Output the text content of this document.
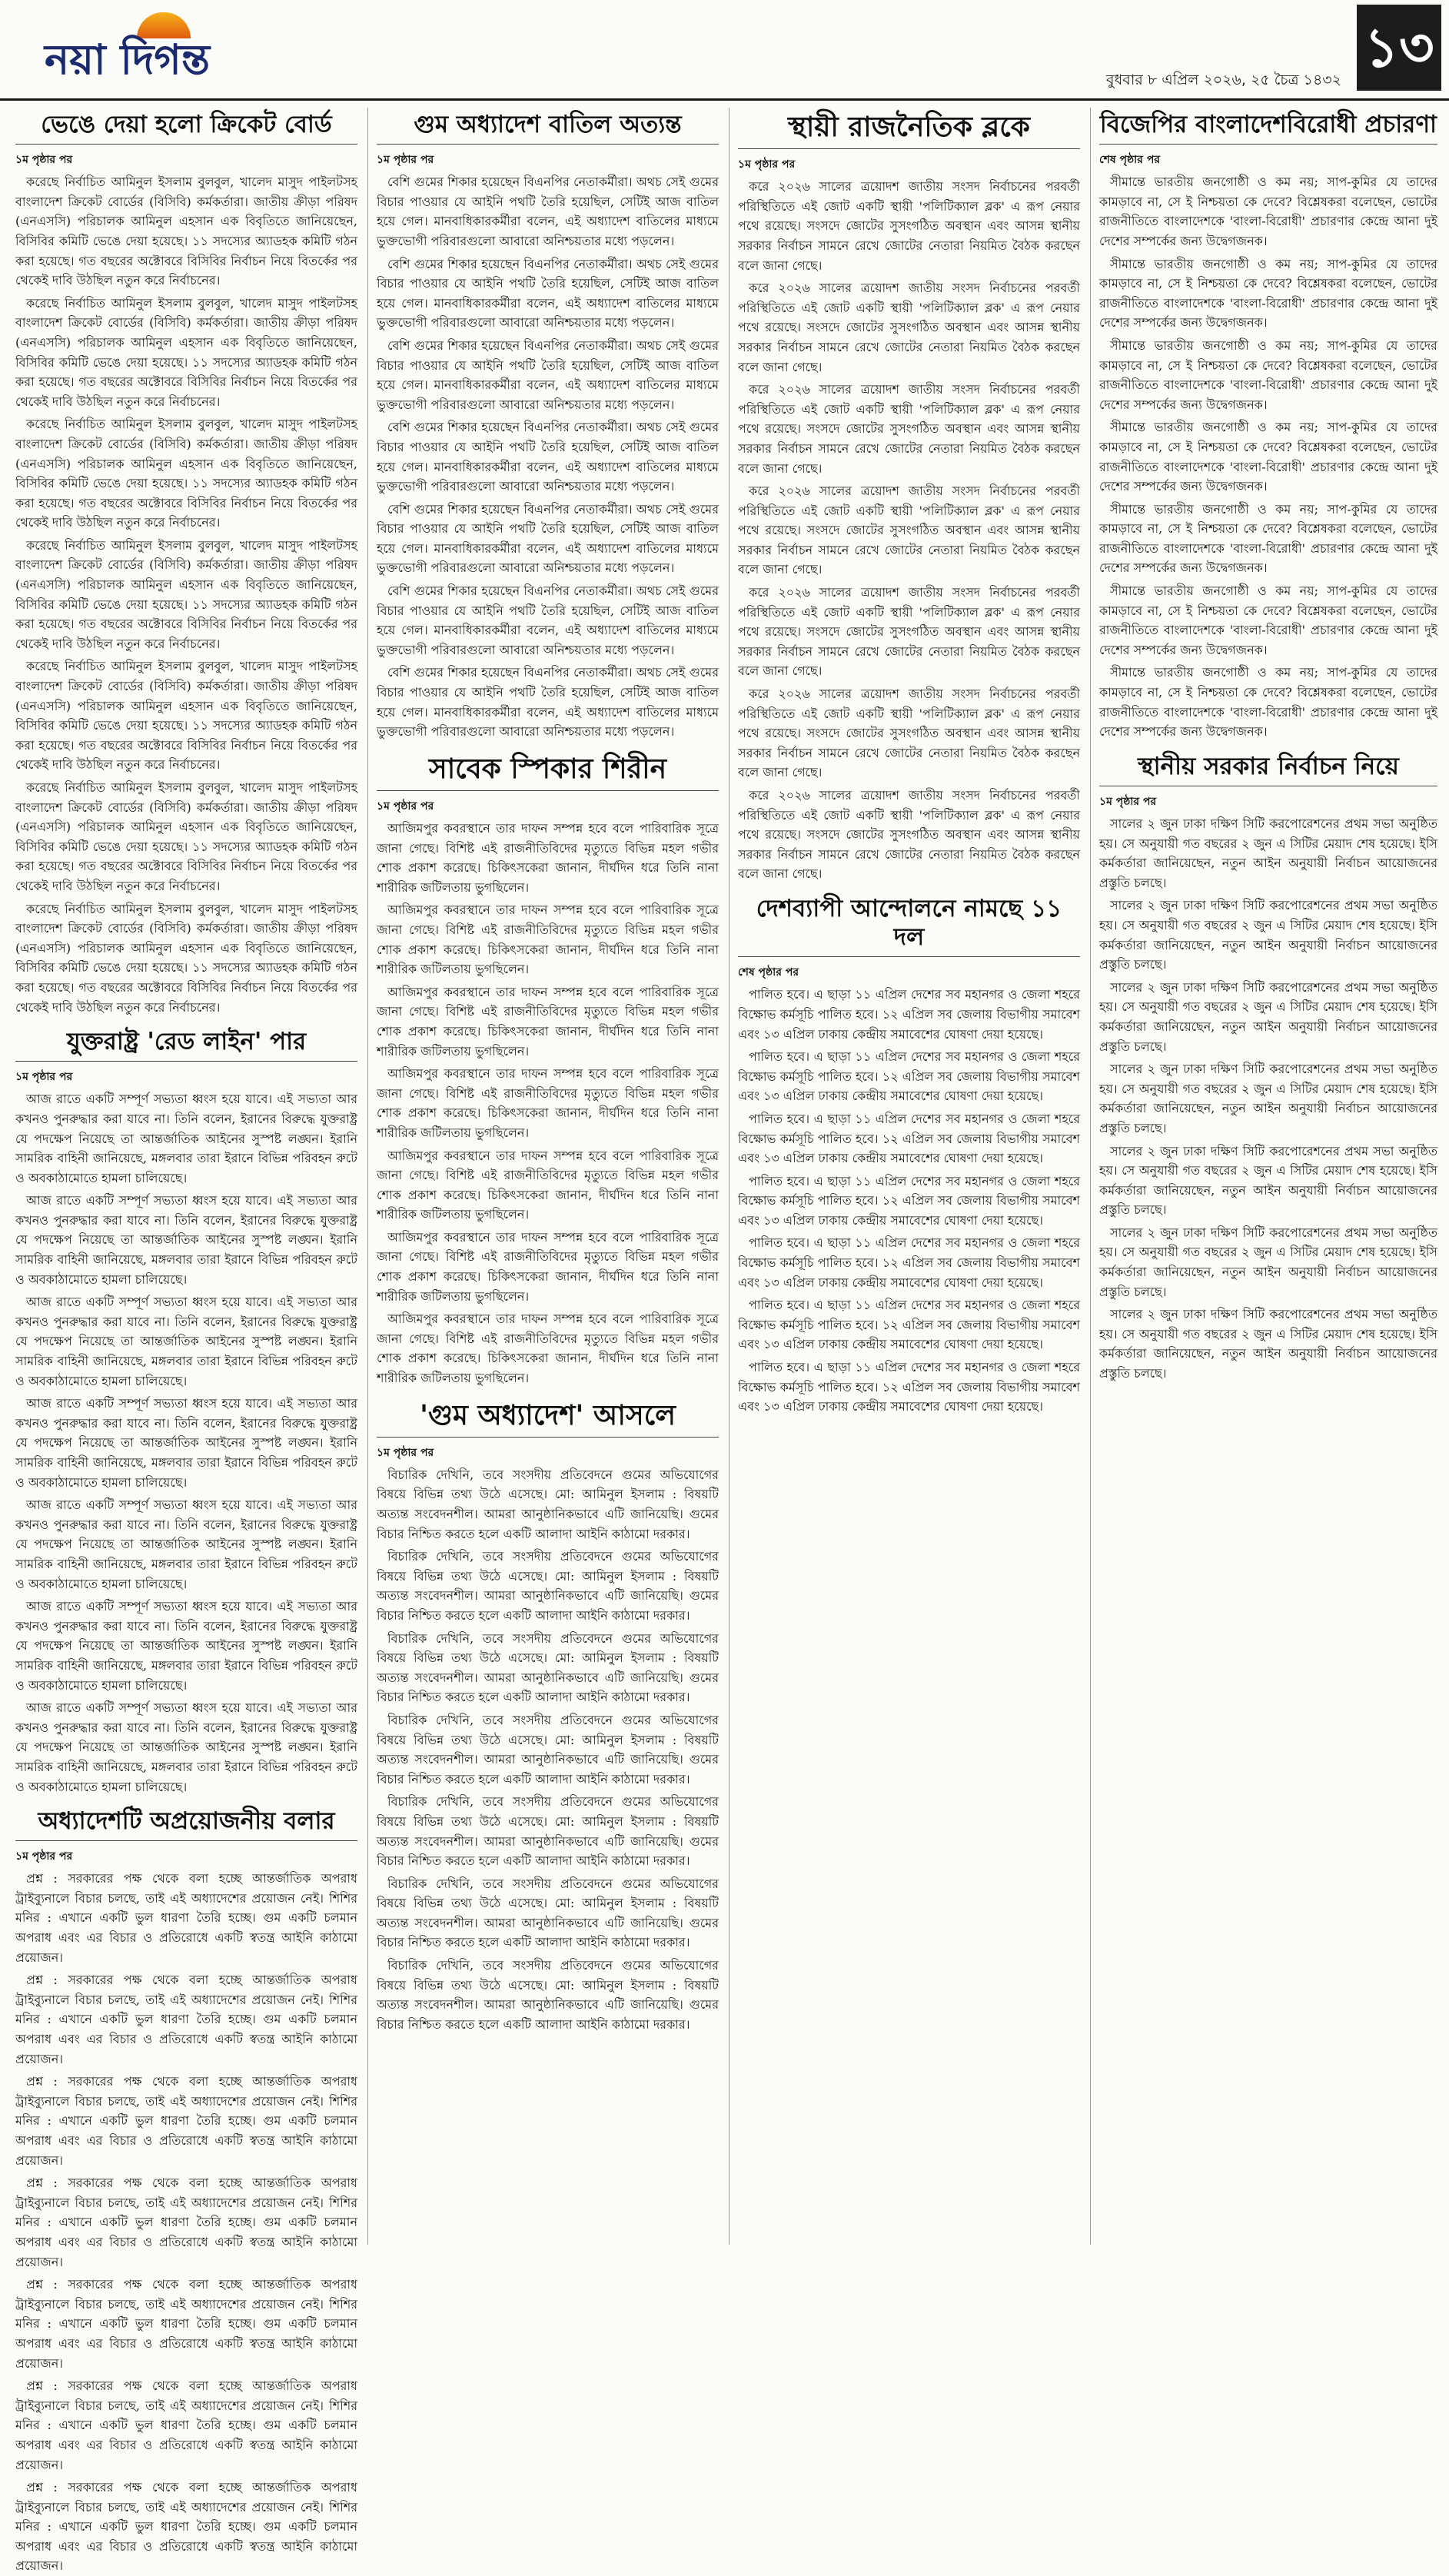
নয়া দিগন্ত	বুধবার ৮ এপ্রিল ২০২৬, ২৫ চৈত্র ১৪৩২
১৩
ভেঙে দেয়া হলো ক্রিকেট বোর্ড
১ম পৃষ্ঠার পর

করেছে নির্বাচিত আমিনুল ইসলাম বুলবুল, খালেদ মাসুদ পাইলটসহ বাংলাদেশ ক্রিকেট বোর্ডের (বিসিবি) কর্মকর্তারা। জাতীয় ক্রীড়া পরিষদ (এনএসসি) পরিচালক আমিনুল এহসান এক বিবৃতিতে জানিয়েছেন, বিসিবির কমিটি ভেঙে দেয়া হয়েছে। ১১ সদস্যের অ্যাডহক কমিটি গঠন করা হয়েছে। গত বছরের অক্টোবরে বিসিবির নির্বাচন নিয়ে বিতর্কের পর থেকেই দাবি উঠছিল নতুন করে নির্বাচনের।

করেছে নির্বাচিত আমিনুল ইসলাম বুলবুল, খালেদ মাসুদ পাইলটসহ বাংলাদেশ ক্রিকেট বোর্ডের (বিসিবি) কর্মকর্তারা। জাতীয় ক্রীড়া পরিষদ (এনএসসি) পরিচালক আমিনুল এহসান এক বিবৃতিতে জানিয়েছেন, বিসিবির কমিটি ভেঙে দেয়া হয়েছে। ১১ সদস্যের অ্যাডহক কমিটি গঠন করা হয়েছে। গত বছরের অক্টোবরে বিসিবির নির্বাচন নিয়ে বিতর্কের পর থেকেই দাবি উঠছিল নতুন করে নির্বাচনের।

করেছে নির্বাচিত আমিনুল ইসলাম বুলবুল, খালেদ মাসুদ পাইলটসহ বাংলাদেশ ক্রিকেট বোর্ডের (বিসিবি) কর্মকর্তারা। জাতীয় ক্রীড়া পরিষদ (এনএসসি) পরিচালক আমিনুল এহসান এক বিবৃতিতে জানিয়েছেন, বিসিবির কমিটি ভেঙে দেয়া হয়েছে। ১১ সদস্যের অ্যাডহক কমিটি গঠন করা হয়েছে। গত বছরের অক্টোবরে বিসিবির নির্বাচন নিয়ে বিতর্কের পর থেকেই দাবি উঠছিল নতুন করে নির্বাচনের।

করেছে নির্বাচিত আমিনুল ইসলাম বুলবুল, খালেদ মাসুদ পাইলটসহ বাংলাদেশ ক্রিকেট বোর্ডের (বিসিবি) কর্মকর্তারা। জাতীয় ক্রীড়া পরিষদ (এনএসসি) পরিচালক আমিনুল এহসান এক বিবৃতিতে জানিয়েছেন, বিসিবির কমিটি ভেঙে দেয়া হয়েছে। ১১ সদস্যের অ্যাডহক কমিটি গঠন করা হয়েছে। গত বছরের অক্টোবরে বিসিবির নির্বাচন নিয়ে বিতর্কের পর থেকেই দাবি উঠছিল নতুন করে নির্বাচনের।

করেছে নির্বাচিত আমিনুল ইসলাম বুলবুল, খালেদ মাসুদ পাইলটসহ বাংলাদেশ ক্রিকেট বোর্ডের (বিসিবি) কর্মকর্তারা। জাতীয় ক্রীড়া পরিষদ (এনএসসি) পরিচালক আমিনুল এহসান এক বিবৃতিতে জানিয়েছেন, বিসিবির কমিটি ভেঙে দেয়া হয়েছে। ১১ সদস্যের অ্যাডহক কমিটি গঠন করা হয়েছে। গত বছরের অক্টোবরে বিসিবির নির্বাচন নিয়ে বিতর্কের পর থেকেই দাবি উঠছিল নতুন করে নির্বাচনের।

করেছে নির্বাচিত আমিনুল ইসলাম বুলবুল, খালেদ মাসুদ পাইলটসহ বাংলাদেশ ক্রিকেট বোর্ডের (বিসিবি) কর্মকর্তারা। জাতীয় ক্রীড়া পরিষদ (এনএসসি) পরিচালক আমিনুল এহসান এক বিবৃতিতে জানিয়েছেন, বিসিবির কমিটি ভেঙে দেয়া হয়েছে। ১১ সদস্যের অ্যাডহক কমিটি গঠন করা হয়েছে। গত বছরের অক্টোবরে বিসিবির নির্বাচন নিয়ে বিতর্কের পর থেকেই দাবি উঠছিল নতুন করে নির্বাচনের।

করেছে নির্বাচিত আমিনুল ইসলাম বুলবুল, খালেদ মাসুদ পাইলটসহ বাংলাদেশ ক্রিকেট বোর্ডের (বিসিবি) কর্মকর্তারা। জাতীয় ক্রীড়া পরিষদ (এনএসসি) পরিচালক আমিনুল এহসান এক বিবৃতিতে জানিয়েছেন, বিসিবির কমিটি ভেঙে দেয়া হয়েছে। ১১ সদস্যের অ্যাডহক কমিটি গঠন করা হয়েছে। গত বছরের অক্টোবরে বিসিবির নির্বাচন নিয়ে বিতর্কের পর থেকেই দাবি উঠছিল নতুন করে নির্বাচনের।

যুক্তরাষ্ট্র 'রেড লাইন' পার
১ম পৃষ্ঠার পর

আজ রাতে একটি সম্পূর্ণ সভ্যতা ধ্বংস হয়ে যাবে। এই সভ্যতা আর কখনও পুনরুদ্ধার করা যাবে না। তিনি বলেন, ইরানের বিরুদ্ধে যুক্তরাষ্ট্র যে পদক্ষেপ নিয়েছে তা আন্তর্জাতিক আইনের সুস্পষ্ট লঙ্ঘন। ইরানি সামরিক বাহিনী জানিয়েছে, মঙ্গলবার তারা ইরানে বিভিন্ন পরিবহন রুটে ও অবকাঠামোতে হামলা চালিয়েছে।

আজ রাতে একটি সম্পূর্ণ সভ্যতা ধ্বংস হয়ে যাবে। এই সভ্যতা আর কখনও পুনরুদ্ধার করা যাবে না। তিনি বলেন, ইরানের বিরুদ্ধে যুক্তরাষ্ট্র যে পদক্ষেপ নিয়েছে তা আন্তর্জাতিক আইনের সুস্পষ্ট লঙ্ঘন। ইরানি সামরিক বাহিনী জানিয়েছে, মঙ্গলবার তারা ইরানে বিভিন্ন পরিবহন রুটে ও অবকাঠামোতে হামলা চালিয়েছে।

আজ রাতে একটি সম্পূর্ণ সভ্যতা ধ্বংস হয়ে যাবে। এই সভ্যতা আর কখনও পুনরুদ্ধার করা যাবে না। তিনি বলেন, ইরানের বিরুদ্ধে যুক্তরাষ্ট্র যে পদক্ষেপ নিয়েছে তা আন্তর্জাতিক আইনের সুস্পষ্ট লঙ্ঘন। ইরানি সামরিক বাহিনী জানিয়েছে, মঙ্গলবার তারা ইরানে বিভিন্ন পরিবহন রুটে ও অবকাঠামোতে হামলা চালিয়েছে।

আজ রাতে একটি সম্পূর্ণ সভ্যতা ধ্বংস হয়ে যাবে। এই সভ্যতা আর কখনও পুনরুদ্ধার করা যাবে না। তিনি বলেন, ইরানের বিরুদ্ধে যুক্তরাষ্ট্র যে পদক্ষেপ নিয়েছে তা আন্তর্জাতিক আইনের সুস্পষ্ট লঙ্ঘন। ইরানি সামরিক বাহিনী জানিয়েছে, মঙ্গলবার তারা ইরানে বিভিন্ন পরিবহন রুটে ও অবকাঠামোতে হামলা চালিয়েছে।

আজ রাতে একটি সম্পূর্ণ সভ্যতা ধ্বংস হয়ে যাবে। এই সভ্যতা আর কখনও পুনরুদ্ধার করা যাবে না। তিনি বলেন, ইরানের বিরুদ্ধে যুক্তরাষ্ট্র যে পদক্ষেপ নিয়েছে তা আন্তর্জাতিক আইনের সুস্পষ্ট লঙ্ঘন। ইরানি সামরিক বাহিনী জানিয়েছে, মঙ্গলবার তারা ইরানে বিভিন্ন পরিবহন রুটে ও অবকাঠামোতে হামলা চালিয়েছে।

আজ রাতে একটি সম্পূর্ণ সভ্যতা ধ্বংস হয়ে যাবে। এই সভ্যতা আর কখনও পুনরুদ্ধার করা যাবে না। তিনি বলেন, ইরানের বিরুদ্ধে যুক্তরাষ্ট্র যে পদক্ষেপ নিয়েছে তা আন্তর্জাতিক আইনের সুস্পষ্ট লঙ্ঘন। ইরানি সামরিক বাহিনী জানিয়েছে, মঙ্গলবার তারা ইরানে বিভিন্ন পরিবহন রুটে ও অবকাঠামোতে হামলা চালিয়েছে।

আজ রাতে একটি সম্পূর্ণ সভ্যতা ধ্বংস হয়ে যাবে। এই সভ্যতা আর কখনও পুনরুদ্ধার করা যাবে না। তিনি বলেন, ইরানের বিরুদ্ধে যুক্তরাষ্ট্র যে পদক্ষেপ নিয়েছে তা আন্তর্জাতিক আইনের সুস্পষ্ট লঙ্ঘন। ইরানি সামরিক বাহিনী জানিয়েছে, মঙ্গলবার তারা ইরানে বিভিন্ন পরিবহন রুটে ও অবকাঠামোতে হামলা চালিয়েছে।

অধ্যাদেশটি অপ্রয়োজনীয় বলার
১ম পৃষ্ঠার পর

প্রশ্ন : সরকারের পক্ষ থেকে বলা হচ্ছে আন্তর্জাতিক অপরাধ ট্রাইব্যুনালে বিচার চলছে, তাই এই অধ্যাদেশের প্রয়োজন নেই। শিশির মনির : এখানে একটি ভুল ধারণা তৈরি হচ্ছে। গুম একটি চলমান অপরাধ এবং এর বিচার ও প্রতিরোধে একটি স্বতন্ত্র আইনি কাঠামো প্রয়োজন।

প্রশ্ন : সরকারের পক্ষ থেকে বলা হচ্ছে আন্তর্জাতিক অপরাধ ট্রাইব্যুনালে বিচার চলছে, তাই এই অধ্যাদেশের প্রয়োজন নেই। শিশির মনির : এখানে একটি ভুল ধারণা তৈরি হচ্ছে। গুম একটি চলমান অপরাধ এবং এর বিচার ও প্রতিরোধে একটি স্বতন্ত্র আইনি কাঠামো প্রয়োজন।

প্রশ্ন : সরকারের পক্ষ থেকে বলা হচ্ছে আন্তর্জাতিক অপরাধ ট্রাইব্যুনালে বিচার চলছে, তাই এই অধ্যাদেশের প্রয়োজন নেই। শিশির মনির : এখানে একটি ভুল ধারণা তৈরি হচ্ছে। গুম একটি চলমান অপরাধ এবং এর বিচার ও প্রতিরোধে একটি স্বতন্ত্র আইনি কাঠামো প্রয়োজন।

প্রশ্ন : সরকারের পক্ষ থেকে বলা হচ্ছে আন্তর্জাতিক অপরাধ ট্রাইব্যুনালে বিচার চলছে, তাই এই অধ্যাদেশের প্রয়োজন নেই। শিশির মনির : এখানে একটি ভুল ধারণা তৈরি হচ্ছে। গুম একটি চলমান অপরাধ এবং এর বিচার ও প্রতিরোধে একটি স্বতন্ত্র আইনি কাঠামো প্রয়োজন।

প্রশ্ন : সরকারের পক্ষ থেকে বলা হচ্ছে আন্তর্জাতিক অপরাধ ট্রাইব্যুনালে বিচার চলছে, তাই এই অধ্যাদেশের প্রয়োজন নেই। শিশির মনির : এখানে একটি ভুল ধারণা তৈরি হচ্ছে। গুম একটি চলমান অপরাধ এবং এর বিচার ও প্রতিরোধে একটি স্বতন্ত্র আইনি কাঠামো প্রয়োজন।

প্রশ্ন : সরকারের পক্ষ থেকে বলা হচ্ছে আন্তর্জাতিক অপরাধ ট্রাইব্যুনালে বিচার চলছে, তাই এই অধ্যাদেশের প্রয়োজন নেই। শিশির মনির : এখানে একটি ভুল ধারণা তৈরি হচ্ছে। গুম একটি চলমান অপরাধ এবং এর বিচার ও প্রতিরোধে একটি স্বতন্ত্র আইনি কাঠামো প্রয়োজন।

প্রশ্ন : সরকারের পক্ষ থেকে বলা হচ্ছে আন্তর্জাতিক অপরাধ ট্রাইব্যুনালে বিচার চলছে, তাই এই অধ্যাদেশের প্রয়োজন নেই। শিশির মনির : এখানে একটি ভুল ধারণা তৈরি হচ্ছে। গুম একটি চলমান অপরাধ এবং এর বিচার ও প্রতিরোধে একটি স্বতন্ত্র আইনি কাঠামো প্রয়োজন।

গুম অধ্যাদেশ বাতিল অত্যন্ত
১ম পৃষ্ঠার পর

বেশি গুমের শিকার হয়েছেন বিএনপির নেতাকর্মীরা। অথচ সেই গুমের বিচার পাওয়ার যে আইনি পথটি তৈরি হয়েছিল, সেটিই আজ বাতিল হয়ে গেল। মানবাধিকারকর্মীরা বলেন, এই অধ্যাদেশ বাতিলের মাধ্যমে ভুক্তভোগী পরিবারগুলো আবারো অনিশ্চয়তার মধ্যে পড়লেন।

বেশি গুমের শিকার হয়েছেন বিএনপির নেতাকর্মীরা। অথচ সেই গুমের বিচার পাওয়ার যে আইনি পথটি তৈরি হয়েছিল, সেটিই আজ বাতিল হয়ে গেল। মানবাধিকারকর্মীরা বলেন, এই অধ্যাদেশ বাতিলের মাধ্যমে ভুক্তভোগী পরিবারগুলো আবারো অনিশ্চয়তার মধ্যে পড়লেন।

বেশি গুমের শিকার হয়েছেন বিএনপির নেতাকর্মীরা। অথচ সেই গুমের বিচার পাওয়ার যে আইনি পথটি তৈরি হয়েছিল, সেটিই আজ বাতিল হয়ে গেল। মানবাধিকারকর্মীরা বলেন, এই অধ্যাদেশ বাতিলের মাধ্যমে ভুক্তভোগী পরিবারগুলো আবারো অনিশ্চয়তার মধ্যে পড়লেন।

বেশি গুমের শিকার হয়েছেন বিএনপির নেতাকর্মীরা। অথচ সেই গুমের বিচার পাওয়ার যে আইনি পথটি তৈরি হয়েছিল, সেটিই আজ বাতিল হয়ে গেল। মানবাধিকারকর্মীরা বলেন, এই অধ্যাদেশ বাতিলের মাধ্যমে ভুক্তভোগী পরিবারগুলো আবারো অনিশ্চয়তার মধ্যে পড়লেন।

বেশি গুমের শিকার হয়েছেন বিএনপির নেতাকর্মীরা। অথচ সেই গুমের বিচার পাওয়ার যে আইনি পথটি তৈরি হয়েছিল, সেটিই আজ বাতিল হয়ে গেল। মানবাধিকারকর্মীরা বলেন, এই অধ্যাদেশ বাতিলের মাধ্যমে ভুক্তভোগী পরিবারগুলো আবারো অনিশ্চয়তার মধ্যে পড়লেন।

বেশি গুমের শিকার হয়েছেন বিএনপির নেতাকর্মীরা। অথচ সেই গুমের বিচার পাওয়ার যে আইনি পথটি তৈরি হয়েছিল, সেটিই আজ বাতিল হয়ে গেল। মানবাধিকারকর্মীরা বলেন, এই অধ্যাদেশ বাতিলের মাধ্যমে ভুক্তভোগী পরিবারগুলো আবারো অনিশ্চয়তার মধ্যে পড়লেন।

বেশি গুমের শিকার হয়েছেন বিএনপির নেতাকর্মীরা। অথচ সেই গুমের বিচার পাওয়ার যে আইনি পথটি তৈরি হয়েছিল, সেটিই আজ বাতিল হয়ে গেল। মানবাধিকারকর্মীরা বলেন, এই অধ্যাদেশ বাতিলের মাধ্যমে ভুক্তভোগী পরিবারগুলো আবারো অনিশ্চয়তার মধ্যে পড়লেন।

সাবেক স্পিকার শিরীন
১ম পৃষ্ঠার পর

আজিমপুর কবরস্থানে তার দাফন সম্পন্ন হবে বলে পারিবারিক সূত্রে জানা গেছে। বিশিষ্ট এই রাজনীতিবিদের মৃত্যুতে বিভিন্ন মহল গভীর শোক প্রকাশ করেছে। চিকিৎসকেরা জানান, দীর্ঘদিন ধরে তিনি নানা শারীরিক জটিলতায় ভুগছিলেন।

আজিমপুর কবরস্থানে তার দাফন সম্পন্ন হবে বলে পারিবারিক সূত্রে জানা গেছে। বিশিষ্ট এই রাজনীতিবিদের মৃত্যুতে বিভিন্ন মহল গভীর শোক প্রকাশ করেছে। চিকিৎসকেরা জানান, দীর্ঘদিন ধরে তিনি নানা শারীরিক জটিলতায় ভুগছিলেন।

আজিমপুর কবরস্থানে তার দাফন সম্পন্ন হবে বলে পারিবারিক সূত্রে জানা গেছে। বিশিষ্ট এই রাজনীতিবিদের মৃত্যুতে বিভিন্ন মহল গভীর শোক প্রকাশ করেছে। চিকিৎসকেরা জানান, দীর্ঘদিন ধরে তিনি নানা শারীরিক জটিলতায় ভুগছিলেন।

আজিমপুর কবরস্থানে তার দাফন সম্পন্ন হবে বলে পারিবারিক সূত্রে জানা গেছে। বিশিষ্ট এই রাজনীতিবিদের মৃত্যুতে বিভিন্ন মহল গভীর শোক প্রকাশ করেছে। চিকিৎসকেরা জানান, দীর্ঘদিন ধরে তিনি নানা শারীরিক জটিলতায় ভুগছিলেন।

আজিমপুর কবরস্থানে তার দাফন সম্পন্ন হবে বলে পারিবারিক সূত্রে জানা গেছে। বিশিষ্ট এই রাজনীতিবিদের মৃত্যুতে বিভিন্ন মহল গভীর শোক প্রকাশ করেছে। চিকিৎসকেরা জানান, দীর্ঘদিন ধরে তিনি নানা শারীরিক জটিলতায় ভুগছিলেন।

আজিমপুর কবরস্থানে তার দাফন সম্পন্ন হবে বলে পারিবারিক সূত্রে জানা গেছে। বিশিষ্ট এই রাজনীতিবিদের মৃত্যুতে বিভিন্ন মহল গভীর শোক প্রকাশ করেছে। চিকিৎসকেরা জানান, দীর্ঘদিন ধরে তিনি নানা শারীরিক জটিলতায় ভুগছিলেন।

আজিমপুর কবরস্থানে তার দাফন সম্পন্ন হবে বলে পারিবারিক সূত্রে জানা গেছে। বিশিষ্ট এই রাজনীতিবিদের মৃত্যুতে বিভিন্ন মহল গভীর শোক প্রকাশ করেছে। চিকিৎসকেরা জানান, দীর্ঘদিন ধরে তিনি নানা শারীরিক জটিলতায় ভুগছিলেন।

'গুম অধ্যাদেশ' আসলে
১ম পৃষ্ঠার পর

বিচারিক দেখিনি, তবে সংসদীয় প্রতিবেদনে গুমের অভিযোগের বিষয়ে বিভিন্ন তথ্য উঠে এসেছে। মো: আমিনুল ইসলাম : বিষয়টি অত্যন্ত সংবেদনশীল। আমরা আনুষ্ঠানিকভাবে এটি জানিয়েছি। গুমের বিচার নিশ্চিত করতে হলে একটি আলাদা আইনি কাঠামো দরকার।

বিচারিক দেখিনি, তবে সংসদীয় প্রতিবেদনে গুমের অভিযোগের বিষয়ে বিভিন্ন তথ্য উঠে এসেছে। মো: আমিনুল ইসলাম : বিষয়টি অত্যন্ত সংবেদনশীল। আমরা আনুষ্ঠানিকভাবে এটি জানিয়েছি। গুমের বিচার নিশ্চিত করতে হলে একটি আলাদা আইনি কাঠামো দরকার।

বিচারিক দেখিনি, তবে সংসদীয় প্রতিবেদনে গুমের অভিযোগের বিষয়ে বিভিন্ন তথ্য উঠে এসেছে। মো: আমিনুল ইসলাম : বিষয়টি অত্যন্ত সংবেদনশীল। আমরা আনুষ্ঠানিকভাবে এটি জানিয়েছি। গুমের বিচার নিশ্চিত করতে হলে একটি আলাদা আইনি কাঠামো দরকার।

বিচারিক দেখিনি, তবে সংসদীয় প্রতিবেদনে গুমের অভিযোগের বিষয়ে বিভিন্ন তথ্য উঠে এসেছে। মো: আমিনুল ইসলাম : বিষয়টি অত্যন্ত সংবেদনশীল। আমরা আনুষ্ঠানিকভাবে এটি জানিয়েছি। গুমের বিচার নিশ্চিত করতে হলে একটি আলাদা আইনি কাঠামো দরকার।

বিচারিক দেখিনি, তবে সংসদীয় প্রতিবেদনে গুমের অভিযোগের বিষয়ে বিভিন্ন তথ্য উঠে এসেছে। মো: আমিনুল ইসলাম : বিষয়টি অত্যন্ত সংবেদনশীল। আমরা আনুষ্ঠানিকভাবে এটি জানিয়েছি। গুমের বিচার নিশ্চিত করতে হলে একটি আলাদা আইনি কাঠামো দরকার।

বিচারিক দেখিনি, তবে সংসদীয় প্রতিবেদনে গুমের অভিযোগের বিষয়ে বিভিন্ন তথ্য উঠে এসেছে। মো: আমিনুল ইসলাম : বিষয়টি অত্যন্ত সংবেদনশীল। আমরা আনুষ্ঠানিকভাবে এটি জানিয়েছি। গুমের বিচার নিশ্চিত করতে হলে একটি আলাদা আইনি কাঠামো দরকার।

বিচারিক দেখিনি, তবে সংসদীয় প্রতিবেদনে গুমের অভিযোগের বিষয়ে বিভিন্ন তথ্য উঠে এসেছে। মো: আমিনুল ইসলাম : বিষয়টি অত্যন্ত সংবেদনশীল। আমরা আনুষ্ঠানিকভাবে এটি জানিয়েছি। গুমের বিচার নিশ্চিত করতে হলে একটি আলাদা আইনি কাঠামো দরকার।

স্থায়ী রাজনৈতিক ব্লকে
১ম পৃষ্ঠার পর

করে ২০২৬ সালের ত্রয়োদশ জাতীয় সংসদ নির্বাচনের পরবর্তী পরিস্থিতিতে এই জোট একটি স্থায়ী 'পলিটিক্যাল ব্লক' এ রূপ নেয়ার পথে রয়েছে। সংসদে জোটের সুসংগঠিত অবস্থান এবং আসন্ন স্থানীয় সরকার নির্বাচন সামনে রেখে জোটের নেতারা নিয়মিত বৈঠক করছেন বলে জানা গেছে।

করে ২০২৬ সালের ত্রয়োদশ জাতীয় সংসদ নির্বাচনের পরবর্তী পরিস্থিতিতে এই জোট একটি স্থায়ী 'পলিটিক্যাল ব্লক' এ রূপ নেয়ার পথে রয়েছে। সংসদে জোটের সুসংগঠিত অবস্থান এবং আসন্ন স্থানীয় সরকার নির্বাচন সামনে রেখে জোটের নেতারা নিয়মিত বৈঠক করছেন বলে জানা গেছে।

করে ২০২৬ সালের ত্রয়োদশ জাতীয় সংসদ নির্বাচনের পরবর্তী পরিস্থিতিতে এই জোট একটি স্থায়ী 'পলিটিক্যাল ব্লক' এ রূপ নেয়ার পথে রয়েছে। সংসদে জোটের সুসংগঠিত অবস্থান এবং আসন্ন স্থানীয় সরকার নির্বাচন সামনে রেখে জোটের নেতারা নিয়মিত বৈঠক করছেন বলে জানা গেছে।

করে ২০২৬ সালের ত্রয়োদশ জাতীয় সংসদ নির্বাচনের পরবর্তী পরিস্থিতিতে এই জোট একটি স্থায়ী 'পলিটিক্যাল ব্লক' এ রূপ নেয়ার পথে রয়েছে। সংসদে জোটের সুসংগঠিত অবস্থান এবং আসন্ন স্থানীয় সরকার নির্বাচন সামনে রেখে জোটের নেতারা নিয়মিত বৈঠক করছেন বলে জানা গেছে।

করে ২০২৬ সালের ত্রয়োদশ জাতীয় সংসদ নির্বাচনের পরবর্তী পরিস্থিতিতে এই জোট একটি স্থায়ী 'পলিটিক্যাল ব্লক' এ রূপ নেয়ার পথে রয়েছে। সংসদে জোটের সুসংগঠিত অবস্থান এবং আসন্ন স্থানীয় সরকার নির্বাচন সামনে রেখে জোটের নেতারা নিয়মিত বৈঠক করছেন বলে জানা গেছে।

করে ২০২৬ সালের ত্রয়োদশ জাতীয় সংসদ নির্বাচনের পরবর্তী পরিস্থিতিতে এই জোট একটি স্থায়ী 'পলিটিক্যাল ব্লক' এ রূপ নেয়ার পথে রয়েছে। সংসদে জোটের সুসংগঠিত অবস্থান এবং আসন্ন স্থানীয় সরকার নির্বাচন সামনে রেখে জোটের নেতারা নিয়মিত বৈঠক করছেন বলে জানা গেছে।

করে ২০২৬ সালের ত্রয়োদশ জাতীয় সংসদ নির্বাচনের পরবর্তী পরিস্থিতিতে এই জোট একটি স্থায়ী 'পলিটিক্যাল ব্লক' এ রূপ নেয়ার পথে রয়েছে। সংসদে জোটের সুসংগঠিত অবস্থান এবং আসন্ন স্থানীয় সরকার নির্বাচন সামনে রেখে জোটের নেতারা নিয়মিত বৈঠক করছেন বলে জানা গেছে।

দেশব্যাপী আন্দোলনে নামছে ১১ দল
শেষ পৃষ্ঠার পর

পালিত হবে। এ ছাড়া ১১ এপ্রিল দেশের সব মহানগর ও জেলা শহরে বিক্ষোভ কর্মসূচি পালিত হবে। ১২ এপ্রিল সব জেলায় বিভাগীয় সমাবেশ এবং ১৩ এপ্রিল ঢাকায় কেন্দ্রীয় সমাবেশের ঘোষণা দেয়া হয়েছে।

পালিত হবে। এ ছাড়া ১১ এপ্রিল দেশের সব মহানগর ও জেলা শহরে বিক্ষোভ কর্মসূচি পালিত হবে। ১২ এপ্রিল সব জেলায় বিভাগীয় সমাবেশ এবং ১৩ এপ্রিল ঢাকায় কেন্দ্রীয় সমাবেশের ঘোষণা দেয়া হয়েছে।

পালিত হবে। এ ছাড়া ১১ এপ্রিল দেশের সব মহানগর ও জেলা শহরে বিক্ষোভ কর্মসূচি পালিত হবে। ১২ এপ্রিল সব জেলায় বিভাগীয় সমাবেশ এবং ১৩ এপ্রিল ঢাকায় কেন্দ্রীয় সমাবেশের ঘোষণা দেয়া হয়েছে।

পালিত হবে। এ ছাড়া ১১ এপ্রিল দেশের সব মহানগর ও জেলা শহরে বিক্ষোভ কর্মসূচি পালিত হবে। ১২ এপ্রিল সব জেলায় বিভাগীয় সমাবেশ এবং ১৩ এপ্রিল ঢাকায় কেন্দ্রীয় সমাবেশের ঘোষণা দেয়া হয়েছে।

পালিত হবে। এ ছাড়া ১১ এপ্রিল দেশের সব মহানগর ও জেলা শহরে বিক্ষোভ কর্মসূচি পালিত হবে। ১২ এপ্রিল সব জেলায় বিভাগীয় সমাবেশ এবং ১৩ এপ্রিল ঢাকায় কেন্দ্রীয় সমাবেশের ঘোষণা দেয়া হয়েছে।

পালিত হবে। এ ছাড়া ১১ এপ্রিল দেশের সব মহানগর ও জেলা শহরে বিক্ষোভ কর্মসূচি পালিত হবে। ১২ এপ্রিল সব জেলায় বিভাগীয় সমাবেশ এবং ১৩ এপ্রিল ঢাকায় কেন্দ্রীয় সমাবেশের ঘোষণা দেয়া হয়েছে।

পালিত হবে। এ ছাড়া ১১ এপ্রিল দেশের সব মহানগর ও জেলা শহরে বিক্ষোভ কর্মসূচি পালিত হবে। ১২ এপ্রিল সব জেলায় বিভাগীয় সমাবেশ এবং ১৩ এপ্রিল ঢাকায় কেন্দ্রীয় সমাবেশের ঘোষণা দেয়া হয়েছে।

বিজেপির বাংলাদেশবিরোধী প্রচারণা
শেষ পৃষ্ঠার পর

সীমান্তে ভারতীয় জনগোষ্ঠী ও কম নয়; সাপ-কুমির যে তাদের কামড়াবে না, সে ই নিশ্চয়তা কে দেবে? বিশ্লেষকরা বলেছেন, ভোটের রাজনীতিতে বাংলাদেশকে 'বাংলা-বিরোধী' প্রচারণার কেন্দ্রে আনা দুই দেশের সম্পর্কের জন্য উদ্বেগজনক।

সীমান্তে ভারতীয় জনগোষ্ঠী ও কম নয়; সাপ-কুমির যে তাদের কামড়াবে না, সে ই নিশ্চয়তা কে দেবে? বিশ্লেষকরা বলেছেন, ভোটের রাজনীতিতে বাংলাদেশকে 'বাংলা-বিরোধী' প্রচারণার কেন্দ্রে আনা দুই দেশের সম্পর্কের জন্য উদ্বেগজনক।

সীমান্তে ভারতীয় জনগোষ্ঠী ও কম নয়; সাপ-কুমির যে তাদের কামড়াবে না, সে ই নিশ্চয়তা কে দেবে? বিশ্লেষকরা বলেছেন, ভোটের রাজনীতিতে বাংলাদেশকে 'বাংলা-বিরোধী' প্রচারণার কেন্দ্রে আনা দুই দেশের সম্পর্কের জন্য উদ্বেগজনক।

সীমান্তে ভারতীয় জনগোষ্ঠী ও কম নয়; সাপ-কুমির যে তাদের কামড়াবে না, সে ই নিশ্চয়তা কে দেবে? বিশ্লেষকরা বলেছেন, ভোটের রাজনীতিতে বাংলাদেশকে 'বাংলা-বিরোধী' প্রচারণার কেন্দ্রে আনা দুই দেশের সম্পর্কের জন্য উদ্বেগজনক।

সীমান্তে ভারতীয় জনগোষ্ঠী ও কম নয়; সাপ-কুমির যে তাদের কামড়াবে না, সে ই নিশ্চয়তা কে দেবে? বিশ্লেষকরা বলেছেন, ভোটের রাজনীতিতে বাংলাদেশকে 'বাংলা-বিরোধী' প্রচারণার কেন্দ্রে আনা দুই দেশের সম্পর্কের জন্য উদ্বেগজনক।

সীমান্তে ভারতীয় জনগোষ্ঠী ও কম নয়; সাপ-কুমির যে তাদের কামড়াবে না, সে ই নিশ্চয়তা কে দেবে? বিশ্লেষকরা বলেছেন, ভোটের রাজনীতিতে বাংলাদেশকে 'বাংলা-বিরোধী' প্রচারণার কেন্দ্রে আনা দুই দেশের সম্পর্কের জন্য উদ্বেগজনক।

সীমান্তে ভারতীয় জনগোষ্ঠী ও কম নয়; সাপ-কুমির যে তাদের কামড়াবে না, সে ই নিশ্চয়তা কে দেবে? বিশ্লেষকরা বলেছেন, ভোটের রাজনীতিতে বাংলাদেশকে 'বাংলা-বিরোধী' প্রচারণার কেন্দ্রে আনা দুই দেশের সম্পর্কের জন্য উদ্বেগজনক।

স্থানীয় সরকার নির্বাচন নিয়ে
১ম পৃষ্ঠার পর

সালের ২ জুন ঢাকা দক্ষিণ সিটি করপোরেশনের প্রথম সভা অনুষ্ঠিত হয়। সে অনুযায়ী গত বছরের ২ জুন এ সিটির মেয়াদ শেষ হয়েছে। ইসি কর্মকর্তারা জানিয়েছেন, নতুন আইন অনুযায়ী নির্বাচন আয়োজনের প্রস্তুতি চলছে।

সালের ২ জুন ঢাকা দক্ষিণ সিটি করপোরেশনের প্রথম সভা অনুষ্ঠিত হয়। সে অনুযায়ী গত বছরের ২ জুন এ সিটির মেয়াদ শেষ হয়েছে। ইসি কর্মকর্তারা জানিয়েছেন, নতুন আইন অনুযায়ী নির্বাচন আয়োজনের প্রস্তুতি চলছে।

সালের ২ জুন ঢাকা দক্ষিণ সিটি করপোরেশনের প্রথম সভা অনুষ্ঠিত হয়। সে অনুযায়ী গত বছরের ২ জুন এ সিটির মেয়াদ শেষ হয়েছে। ইসি কর্মকর্তারা জানিয়েছেন, নতুন আইন অনুযায়ী নির্বাচন আয়োজনের প্রস্তুতি চলছে।

সালের ২ জুন ঢাকা দক্ষিণ সিটি করপোরেশনের প্রথম সভা অনুষ্ঠিত হয়। সে অনুযায়ী গত বছরের ২ জুন এ সিটির মেয়াদ শেষ হয়েছে। ইসি কর্মকর্তারা জানিয়েছেন, নতুন আইন অনুযায়ী নির্বাচন আয়োজনের প্রস্তুতি চলছে।

সালের ২ জুন ঢাকা দক্ষিণ সিটি করপোরেশনের প্রথম সভা অনুষ্ঠিত হয়। সে অনুযায়ী গত বছরের ২ জুন এ সিটির মেয়াদ শেষ হয়েছে। ইসি কর্মকর্তারা জানিয়েছেন, নতুন আইন অনুযায়ী নির্বাচন আয়োজনের প্রস্তুতি চলছে।

সালের ২ জুন ঢাকা দক্ষিণ সিটি করপোরেশনের প্রথম সভা অনুষ্ঠিত হয়। সে অনুযায়ী গত বছরের ২ জুন এ সিটির মেয়াদ শেষ হয়েছে। ইসি কর্মকর্তারা জানিয়েছেন, নতুন আইন অনুযায়ী নির্বাচন আয়োজনের প্রস্তুতি চলছে।

সালের ২ জুন ঢাকা দক্ষিণ সিটি করপোরেশনের প্রথম সভা অনুষ্ঠিত হয়। সে অনুযায়ী গত বছরের ২ জুন এ সিটির মেয়াদ শেষ হয়েছে। ইসি কর্মকর্তারা জানিয়েছেন, নতুন আইন অনুযায়ী নির্বাচন আয়োজনের প্রস্তুতি চলছে।
